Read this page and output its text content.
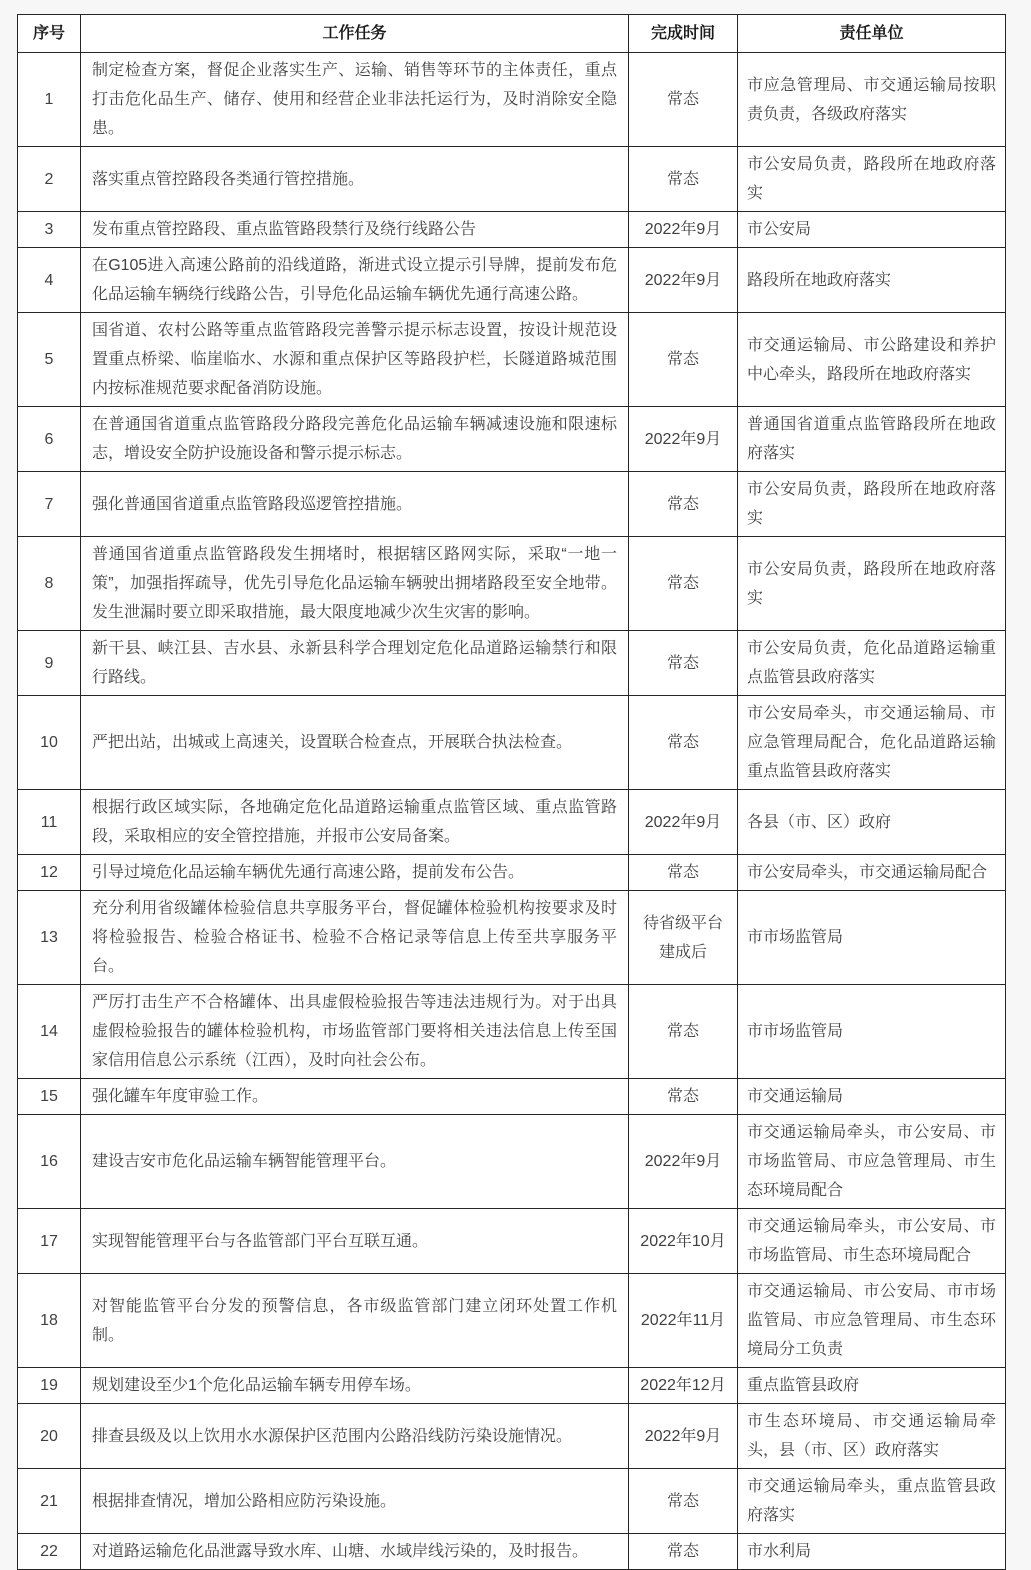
序号	工作任务	完成时间	责任单位
1	制定检查方案，督促企业落实生产、运输、销售等环节的主体责任，重点打击危化品生产、储存、使用和经营企业非法托运行为，及时消除安全隐患。	常态	市应急管理局、市交通运输局按职责负责，各级政府落实
2	落实重点管控路段各类通行管控措施。	常态	市公安局负责，路段所在地政府落实
3	发布重点管控路段、重点监管路段禁行及绕行线路公告	2022年9月	市公安局
4	在G105进入高速公路前的沿线道路，渐进式设立提示引导牌，提前发布危化品运输车辆绕行线路公告，引导危化品运输车辆优先通行高速公路。	2022年9月	路段所在地政府落实
5	国省道、农村公路等重点监管路段完善警示提示标志设置，按设计规范设置重点桥梁、临崖临水、水源和重点保护区等路段护栏，长隧道路城范围内按标准规范要求配备消防设施。	常态	市交通运输局、市公路建设和养护中心牵头，路段所在地政府落实
6	在普通国省道重点监管路段分路段完善危化品运输车辆减速设施和限速标志，增设安全防护设施设备和警示提示标志。	2022年9月	普通国省道重点监管路段所在地政府落实
7	强化普通国省道重点监管路段巡逻管控措施。	常态	市公安局负责，路段所在地政府落实
8	普通国省道重点监管路段发生拥堵时，根据辖区路网实际，采取“一地一策”，加强指挥疏导，优先引导危化品运输车辆驶出拥堵路段至安全地带。发生泄漏时要立即采取措施，最大限度地减少次生灾害的影响。	常态	市公安局负责，路段所在地政府落实
9	新干县、峡江县、吉水县、永新县科学合理划定危化品道路运输禁行和限行路线。	常态	市公安局负责，危化品道路运输重点监管县政府落实
10	严把出站，出城或上高速关，设置联合检查点，开展联合执法检查。	常态	市公安局牵头，市交通运输局、市应急管理局配合，危化品道路运输重点监管县政府落实
11	根据行政区域实际，各地确定危化品道路运输重点监管区域、重点监管路段，采取相应的安全管控措施，并报市公安局备案。	2022年9月	各县（市、区）政府
12	引导过境危化品运输车辆优先通行高速公路，提前发布公告。	常态	市公安局牵头，市交通运输局配合
13	充分利用省级罐体检验信息共享服务平台，督促罐体检验机构按要求及时将检验报告、检验合格证书、检验不合格记录等信息上传至共享服务平台。	待省级平台建成后	市市场监管局
14	严厉打击生产不合格罐体、出具虚假检验报告等违法违规行为。对于出具虚假检验报告的罐体检验机构，市场监管部门要将相关违法信息上传至国家信用信息公示系统（江西），及时向社会公布。	常态	市市场监管局
15	强化罐车年度审验工作。	常态	市交通运输局
16	建设吉安市危化品运输车辆智能管理平台。	2022年9月	市交通运输局牵头，市公安局、市市场监管局、市应急管理局、市生态环境局配合
17	实现智能管理平台与各监管部门平台互联互通。	2022年10月	市交通运输局牵头，市公安局、市市场监管局、市生态环境局配合
18	对智能监管平台分发的预警信息，各市级监管部门建立闭环处置工作机制。	2022年11月	市交通运输局、市公安局、市市场监管局、市应急管理局、市生态环境局分工负责
19	规划建设至少1个危化品运输车辆专用停车场。	2022年12月	重点监管县政府
20	排查县级及以上饮用水水源保护区范围内公路沿线防污染设施情况。	2022年9月	市生态环境局、市交通运输局牵头，县（市、区）政府落实
21	根据排查情况，增加公路相应防污染设施。	常态	市交通运输局牵头，重点监管县政府落实
22	对道路运输危化品泄露导致水库、山塘、水域岸线污染的，及时报告。	常态	市水利局
